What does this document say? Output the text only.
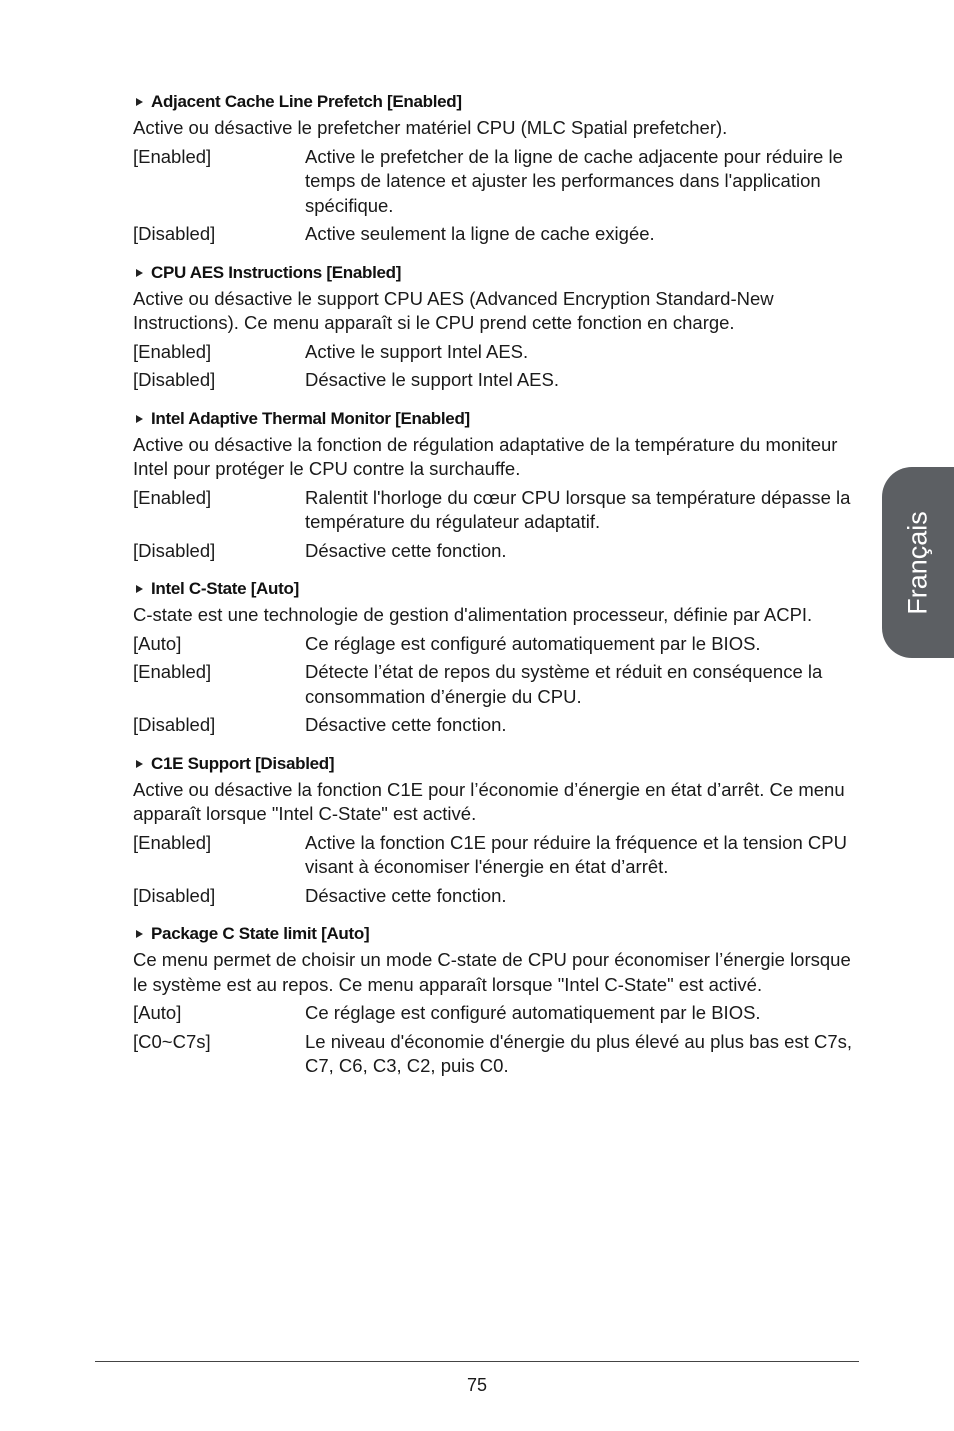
Adjacent Cache Line Prefetch [Enabled]
Active ou désactive le prefetcher matériel CPU (MLC Spatial prefetcher).
[Enabled]	Active le prefetcher de la ligne de cache adjacente pour réduire le temps de latence et ajuster les performances dans l'application spécifique.
[Disabled]	Active seulement la ligne de cache exigée.
CPU AES Instructions [Enabled]
Active ou désactive le support CPU AES (Advanced Encryption Standard-New Instructions). Ce menu apparaît si le CPU prend cette fonction en charge.
[Enabled]	Active le support Intel AES.
[Disabled]	Désactive le support Intel AES.
Intel Adaptive Thermal Monitor [Enabled]
Active ou désactive la fonction de régulation adaptative de la température du moniteur Intel pour protéger le CPU contre la surchauffe.
[Enabled]	Ralentit l'horloge du cœur CPU lorsque sa température dépasse la température du régulateur adaptatif.
[Disabled]	Désactive cette fonction.
Intel C-State [Auto]
C-state est une technologie de gestion d'alimentation processeur, définie par ACPI.
[Auto]	Ce réglage est configuré automatiquement par le BIOS.
[Enabled]	Détecte l’état de repos du système et réduit en conséquence la consommation d’énergie du CPU.
[Disabled]	Désactive cette fonction.
C1E Support [Disabled]
Active ou désactive la fonction C1E pour l’économie d’énergie en état d’arrêt. Ce menu apparaît lorsque "Intel C-State" est activé.
[Enabled]	Active la fonction C1E pour réduire la fréquence et la tension CPU visant à économiser l'énergie en état d’arrêt.
[Disabled]	Désactive cette fonction.
Package C State limit [Auto]
Ce menu permet de choisir un mode C-state de CPU pour économiser l’énergie lorsque le système est au repos. Ce menu apparaît lorsque "Intel C-State" est activé.
[Auto]	Ce réglage est configuré automatiquement par le BIOS.
[C0~C7s]	Le niveau d'économie d'énergie du plus élevé au plus bas est C7s, C7, C6, C3, C2, puis C0.
Français
75
